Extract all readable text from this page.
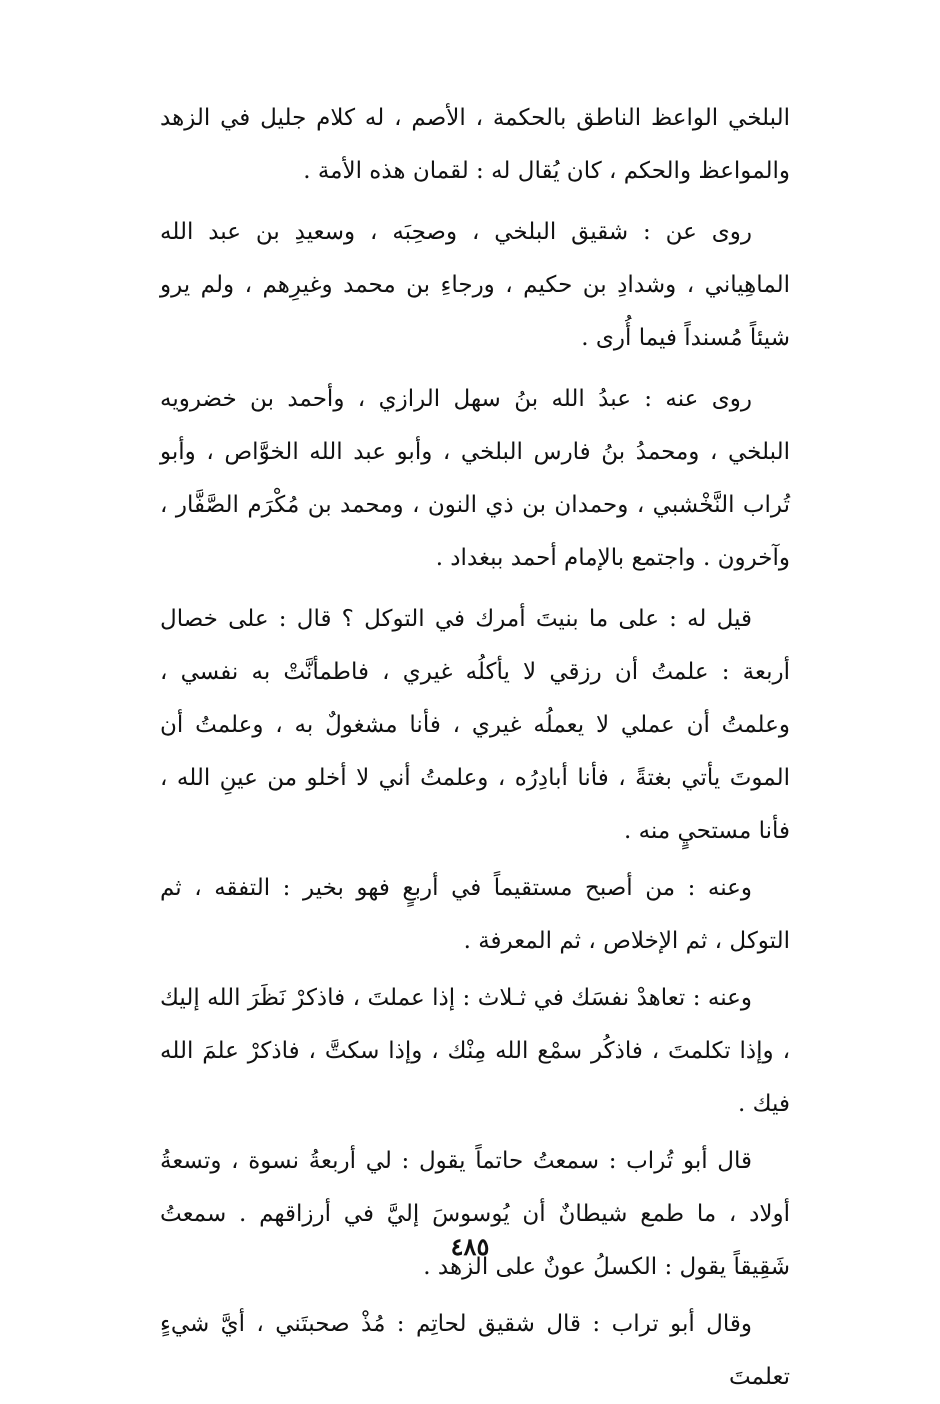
البلخي الواعظ الناطق بالحكمة ، الأصم ، له كلام جليل في الزهد والمواعظ والحكم ، كان يُقال له : لقمان هذه الأمة .

روى عن : شقيق البلخي ، وصحِبَه ، وسعيدِ بن عبد الله الماهِياني ، وشدادِ بن حكيم ، ورجاءِ بن محمد وغيرِهم ، ولم يرو شيئاً مُسنداً فيما أُرى .

روى عنه : عبدُ الله بنُ سهل الرازي ، وأحمد بن خضرويه البلخي ، ومحمدُ بنُ فارس البلخي ، وأبو عبد الله الخوَّاص ، وأبو تُراب النَّخْشبي ، وحمدان بن ذي النون ، ومحمد بن مُكْرَم الصَّفَّار ، وآخرون . واجتمع بالإمام أحمد ببغداد .

قيل له : على ما بنيتَ أمرك في التوكل ؟ قال : على خصال أربعة : علمتُ أن رزقي لا يأكلُه غيري ، فاطمأنَّتْ به نفسي ، وعلمتُ أن عملي لا يعملُه غيري ، فأنا مشغولٌ به ، وعلمتُ أن الموتَ يأتي بغتةً ، فأنا أبادِرُه ، وعلمتُ أني لا أخلو من عينِ الله ، فأنا مستحيٍ منه .

وعنه : من أصبح مستقيماً في أربعٍ فهو بخير : التفقه ، ثم التوكل ، ثم الإخلاص ، ثم المعرفة .

وعنه : تعاهدْ نفسَك في ثـلاث : إذا عملتَ ، فاذكرْ نَظَرَ الله إليك ، وإذا تكلمتَ ، فاذكُر سمْع الله مِنْك ، وإذا سكتَّ ، فاذكرْ علمَ الله فيك .

قال أبو تُراب : سمعتُ حاتماً يقول : لي أربعةُ نسوة ، وتسعةُ أولاد ، ما طمع شيطانٌ أن يُوسوسَ إليَّ في أرزاقهم . سمعتُ شَقِيقاً يقول : الكسلُ عونٌ على الزهد .

وقال أبو تراب : قال شقيق لحاتِم : مُذْ صحبتَني ، أيَّ شيءٍ تعلمتَ

٤٨٥
